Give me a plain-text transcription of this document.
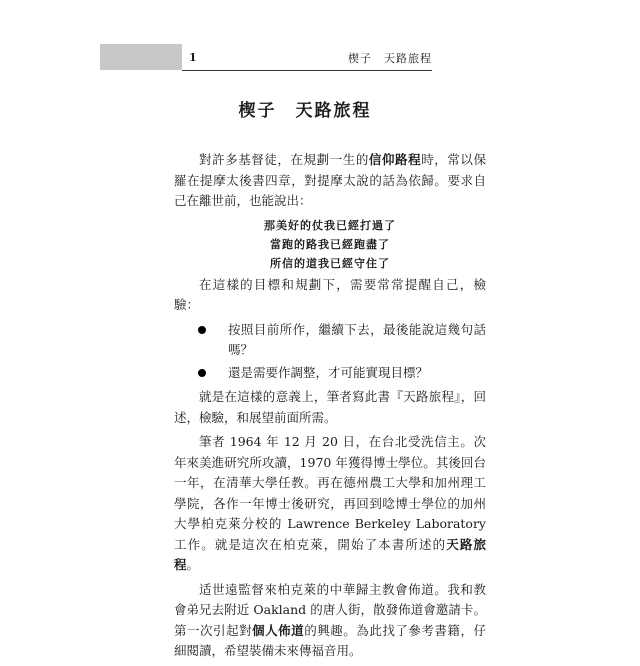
1	楔子　天路旅程
楔子　天路旅程

對許多基督徒，在規劃一生的信仰路程時，常以保羅在提摩太後書四章，對提摩太說的話為依歸。要求自己在離世前，也能說出：

那美好的仗我已經打過了
當跑的路我已經跑盡了
所信的道我已經守住了

在這樣的目標和規劃下，需要常常提醒自己，檢驗：

按照目前所作，繼續下去，最後能說這幾句話嗎？
還是需要作調整，才可能實現目標？

就是在這樣的意義上，筆者寫此書『天路旅程』，回述，檢驗，和展望前面所需。

筆者 1964 年 12 月 20 日，在台北受洗信主。次年來美進研究所攻讀，1970 年獲得博士學位。其後回台一年，在清華大學任教。再在德州農工大學和加州理工學院，各作一年博士後研究，再回到唸博士學位的加州大學柏克萊分校的 Lawrence Berkeley Laboratory 工作。就是這次在柏克萊，開始了本書所述的天路旅程。

适世遠監督來柏克萊的中華歸主教會佈道。我和教會弟兄去附近 Oakland 的唐人街，散發佈道會邀請卡。第一次引起對個人佈道的興趣。為此找了參考書籍，仔細閱讀，希望裝備未來傳福音用。
